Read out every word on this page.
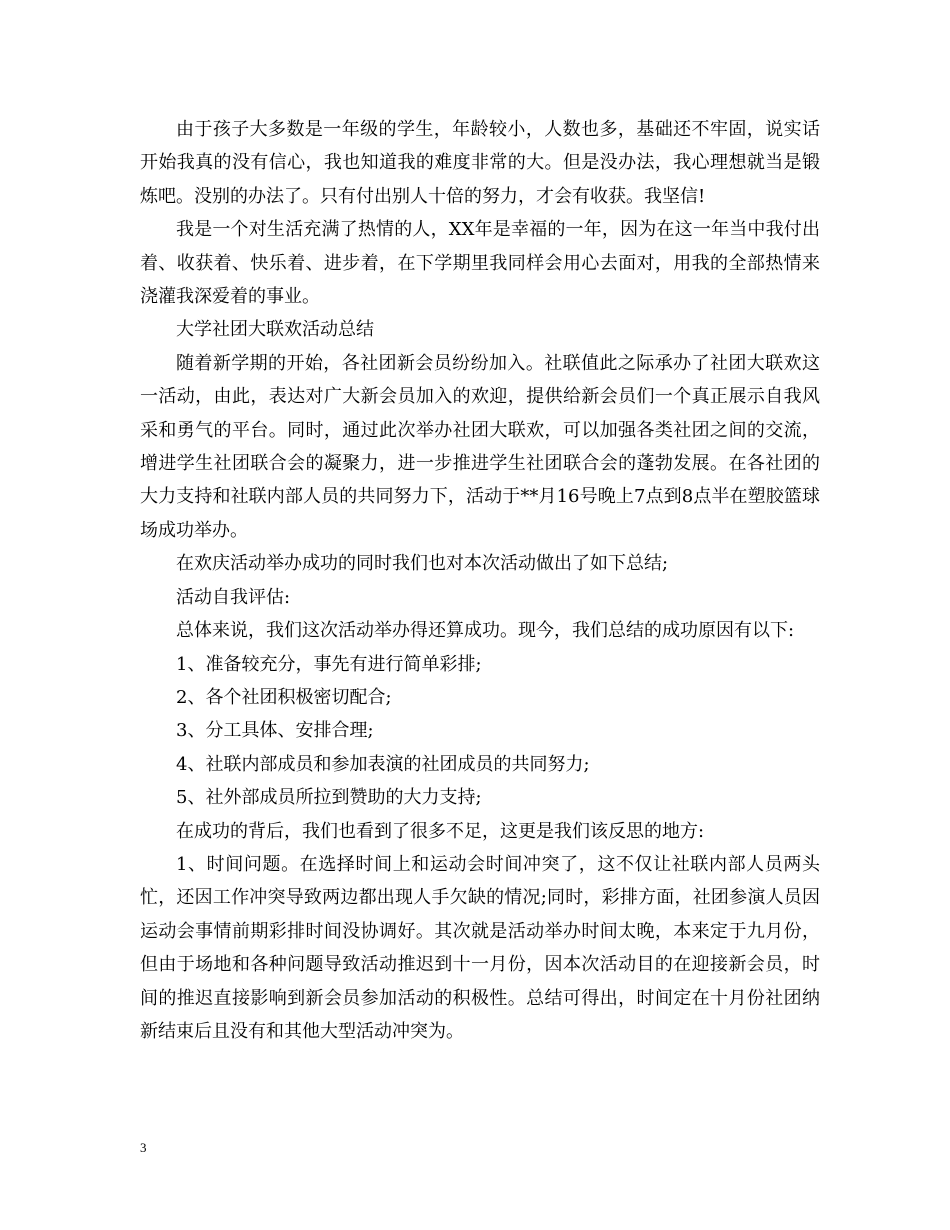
由于孩子大多数是一年级的学生，年龄较小，人数也多，基础还不牢固，说实话开始我真的没有信心，我也知道我的难度非常的大。但是没办法，我心理想就当是锻炼吧。没别的办法了。只有付出别人十倍的努力，才会有收获。我坚信!

我是一个对生活充满了热情的人，XX年是幸福的一年，因为在这一年当中我付出着、收获着、快乐着、进步着，在下学期里我同样会用心去面对，用我的全部热情来浇灌我深爱着的事业。

大学社团大联欢活动总结

随着新学期的开始，各社团新会员纷纷加入。社联值此之际承办了社团大联欢这一活动，由此，表达对广大新会员加入的欢迎，提供给新会员们一个真正展示自我风采和勇气的平台。同时，通过此次举办社团大联欢，可以加强各类社团之间的交流，增进学生社团联合会的凝聚力，进一步推进学生社团联合会的蓬勃发展。在各社团的大力支持和社联内部人员的共同努力下，活动于**月16号晚上7点到8点半在塑胶篮球场成功举办。

在欢庆活动举办成功的同时我们也对本次活动做出了如下总结;

活动自我评估:

总体来说，我们这次活动举办得还算成功。现今，我们总结的成功原因有以下:

1、准备较充分，事先有进行简单彩排;

2、各个社团积极密切配合;

3、分工具体、安排合理;

4、社联内部成员和参加表演的社团成员的共同努力;

5、社外部成员所拉到赞助的大力支持;

在成功的背后，我们也看到了很多不足，这更是我们该反思的地方:

1、时间问题。在选择时间上和运动会时间冲突了，这不仅让社联内部人员两头忙，还因工作冲突导致两边都出现人手欠缺的情况;同时，彩排方面，社团参演人员因运动会事情前期彩排时间没协调好。其次就是活动举办时间太晚，本来定于九月份，但由于场地和各种问题导致活动推迟到十一月份，因本次活动目的在迎接新会员，时间的推迟直接影响到新会员参加活动的积极性。总结可得出，时间定在十月份社团纳新结束后且没有和其他大型活动冲突为。

3
